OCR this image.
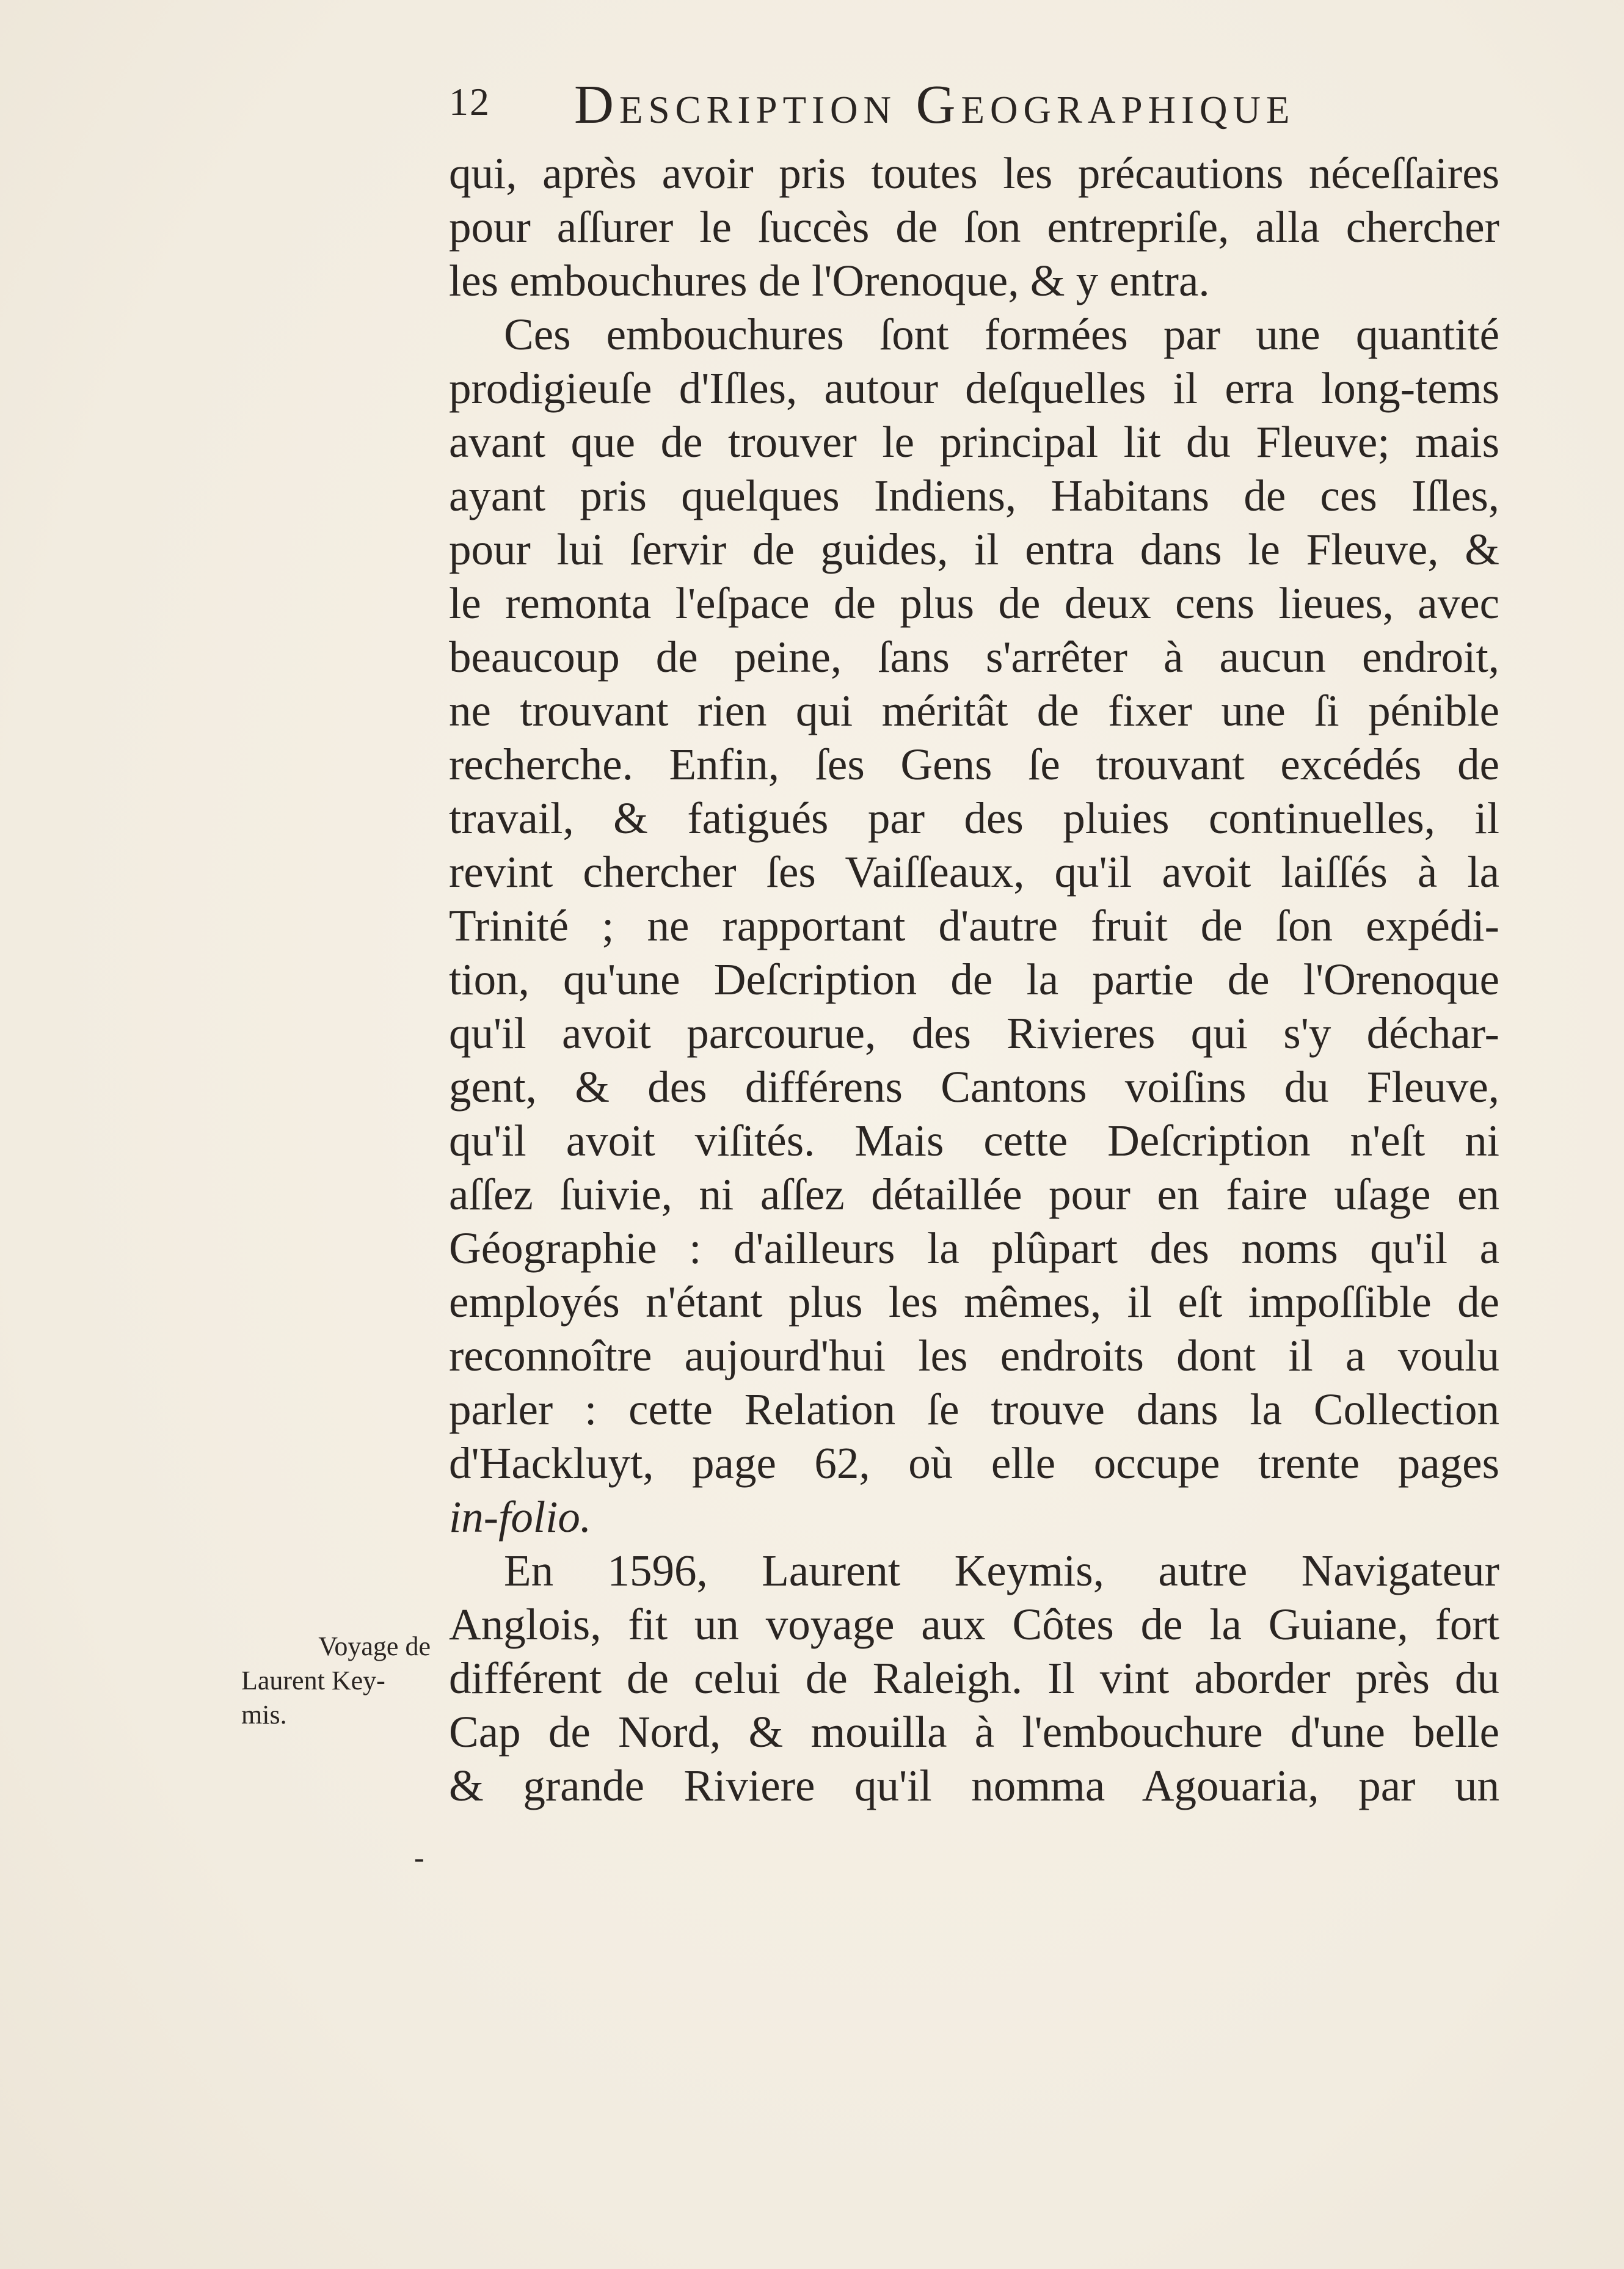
12 Description Geographique
qui, après avoir pris toutes les précautions néceſſaires
pour aſſurer le ſuccès de ſon entrepriſe, alla chercher
les embouchures de l'Orenoque, & y entra.
Ces embouchures ſont formées par une quantité
prodigieuſe d'Iſles, autour deſquelles il erra long-tems
avant que de trouver le principal lit du Fleuve; mais
ayant pris quelques Indiens, Habitans de ces Iſles,
pour lui ſervir de guides, il entra dans le Fleuve, &
le remonta l'eſpace de plus de deux cens lieues, avec
beaucoup de peine, ſans s'arrêter à aucun endroit,
ne trouvant rien qui méritât de fixer une ſi pénible
recherche. Enfin, ſes Gens ſe trouvant excédés de
travail, & fatigués par des pluies continuelles, il
revint chercher ſes Vaiſſeaux, qu'il avoit laiſſés à la
Trinité ; ne rapportant d'autre fruit de ſon expédi-
tion, qu'une Deſcription de la partie de l'Orenoque
qu'il avoit parcourue, des Rivieres qui s'y déchar-
gent, & des différens Cantons voiſins du Fleuve,
qu'il avoit viſités. Mais cette Deſcription n'eſt ni
aſſez ſuivie, ni aſſez détaillée pour en faire uſage en
Géographie : d'ailleurs la plûpart des noms qu'il a
employés n'étant plus les mêmes, il eſt impoſſible de
reconnoître aujourd'hui les endroits dont il a voulu
parler : cette Relation ſe trouve dans la Collection
d'Hackluyt, page 62, où elle occupe trente pages
in-folio.
En 1596, Laurent Keymis, autre Navigateur
Anglois, fit un voyage aux Côtes de la Guiane, fort
différent de celui de Raleigh. Il vint aborder près du
Cap de Nord, & mouilla à l'embouchure d'une belle
& grande Riviere qu'il nomma Agouaria, par un
Voyage de
Laurent Key-
mis.
-
